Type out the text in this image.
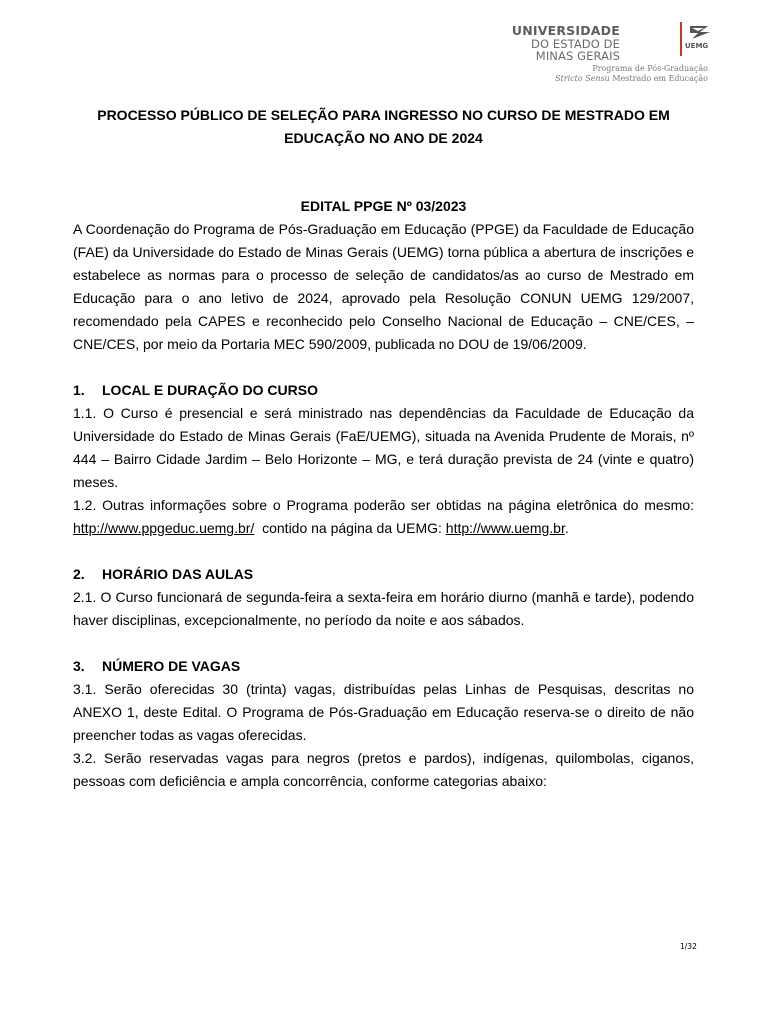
UNIVERSIDADE
DO ESTADO DE MINAS GERAIS
UEMG
Programa de Pós-Graduação
Stricto Sensu Mestrado em Educação

PROCESSO PÚBLICO DE SELEÇÃO PARA INGRESSO NO CURSO DE MESTRADO EM EDUCAÇÃO NO ANO DE 2024

EDITAL PPGE Nº 03/2023

A Coordenação do Programa de Pós-Graduação em Educação (PPGE) da Faculdade de Educação (FAE) da Universidade do Estado de Minas Gerais (UEMG) torna pública a abertura de inscrições e estabelece as normas para o processo de seleção de candidatos/as ao curso de Mestrado em Educação para o ano letivo de 2024, aprovado pela Resolução CONUN UEMG 129/2007, recomendado pela CAPES e reconhecido pelo Conselho Nacional de Educação – CNE/CES, – CNE/CES, por meio da Portaria MEC 590/2009, publicada no DOU de 19/06/2009.

1. LOCAL E DURAÇÃO DO CURSO

1.1. O Curso é presencial e será ministrado nas dependências da Faculdade de Educação da Universidade do Estado de Minas Gerais (FaE/UEMG), situada na Avenida Prudente de Morais, nº 444 – Bairro Cidade Jardim – Belo Horizonte – MG, e terá duração prevista de 24 (vinte e quatro) meses.

1.2. Outras informações sobre o Programa poderão ser obtidas na página eletrônica do mesmo: http://www.ppgeduc.uemg.br/  contido na página da UEMG: http://www.uemg.br.

2. HORÁRIO DAS AULAS

2.1. O Curso funcionará de segunda-feira a sexta-feira em horário diurno (manhã e tarde), podendo haver disciplinas, excepcionalmente, no período da noite e aos sábados.

3. NÚMERO DE VAGAS

3.1. Serão oferecidas 30 (trinta) vagas, distribuídas pelas Linhas de Pesquisas, descritas no ANEXO 1, deste Edital. O Programa de Pós-Graduação em Educação reserva-se o direito de não preencher todas as vagas oferecidas.

3.2. Serão reservadas vagas para negros (pretos e pardos), indígenas, quilombolas, ciganos, pessoas com deficiência e ampla concorrência, conforme categorias abaixo:

1/32
